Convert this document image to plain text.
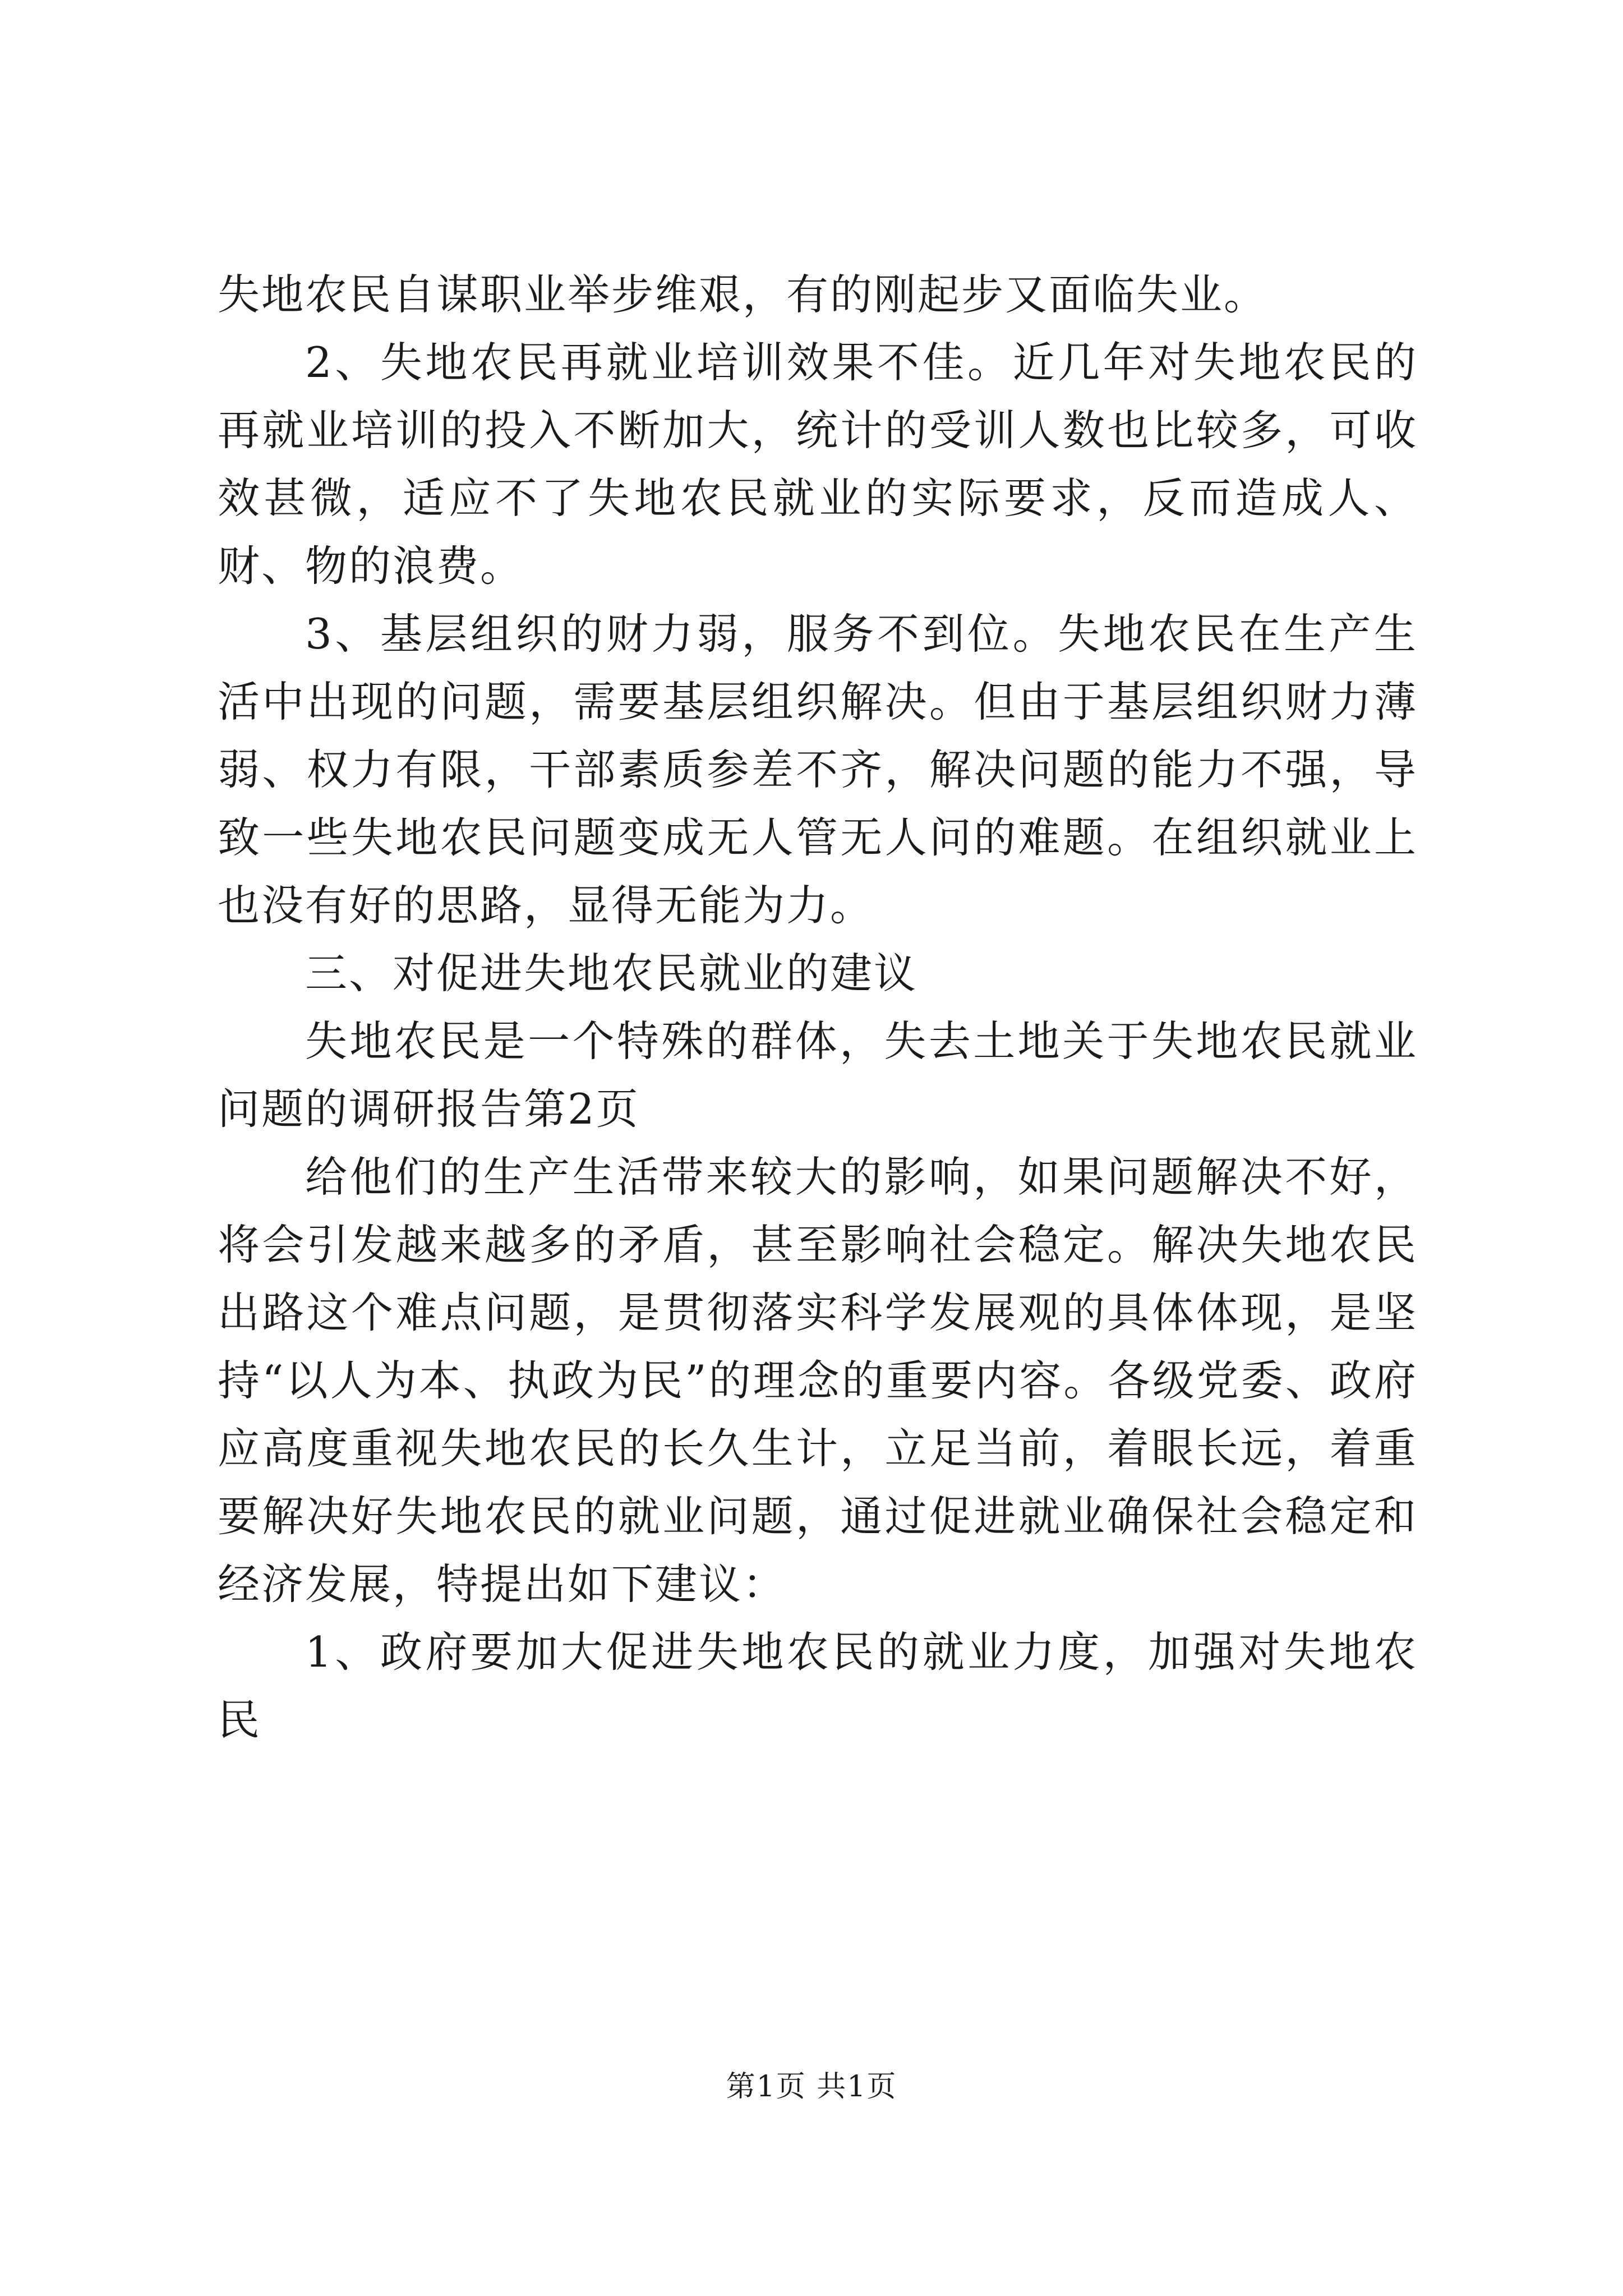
失地农民自谋职业举步维艰，有的刚起步又面临失业。

2、失地农民再就业培训效果不佳。近几年对失地农民的再就业培训的投入不断加大，统计的受训人数也比较多，可收效甚微，适应不了失地农民就业的实际要求，反而造成人、财、物的浪费。

3、基层组织的财力弱，服务不到位。失地农民在生产生活中出现的问题，需要基层组织解决。但由于基层组织财力薄弱、权力有限，干部素质参差不齐，解决问题的能力不强，导致一些失地农民问题变成无人管无人问的难题。在组织就业上也没有好的思路，显得无能为力。

三、对促进失地农民就业的建议

失地农民是一个特殊的群体，失去土地关于失地农民就业问题的调研报告第2页

给他们的生产生活带来较大的影响，如果问题解决不好，将会引发越来越多的矛盾，甚至影响社会稳定。解决失地农民出路这个难点问题，是贯彻落实科学发展观的具体体现，是坚持“以人为本、执政为民”的理念的重要内容。各级党委、政府应高度重视失地农民的长久生计，立足当前，着眼长远，着重要解决好失地农民的就业问题，通过促进就业确保社会稳定和经济发展，特提出如下建议：

1、政府要加大促进失地农民的就业力度，加强对失地农民

第1页 共1页
